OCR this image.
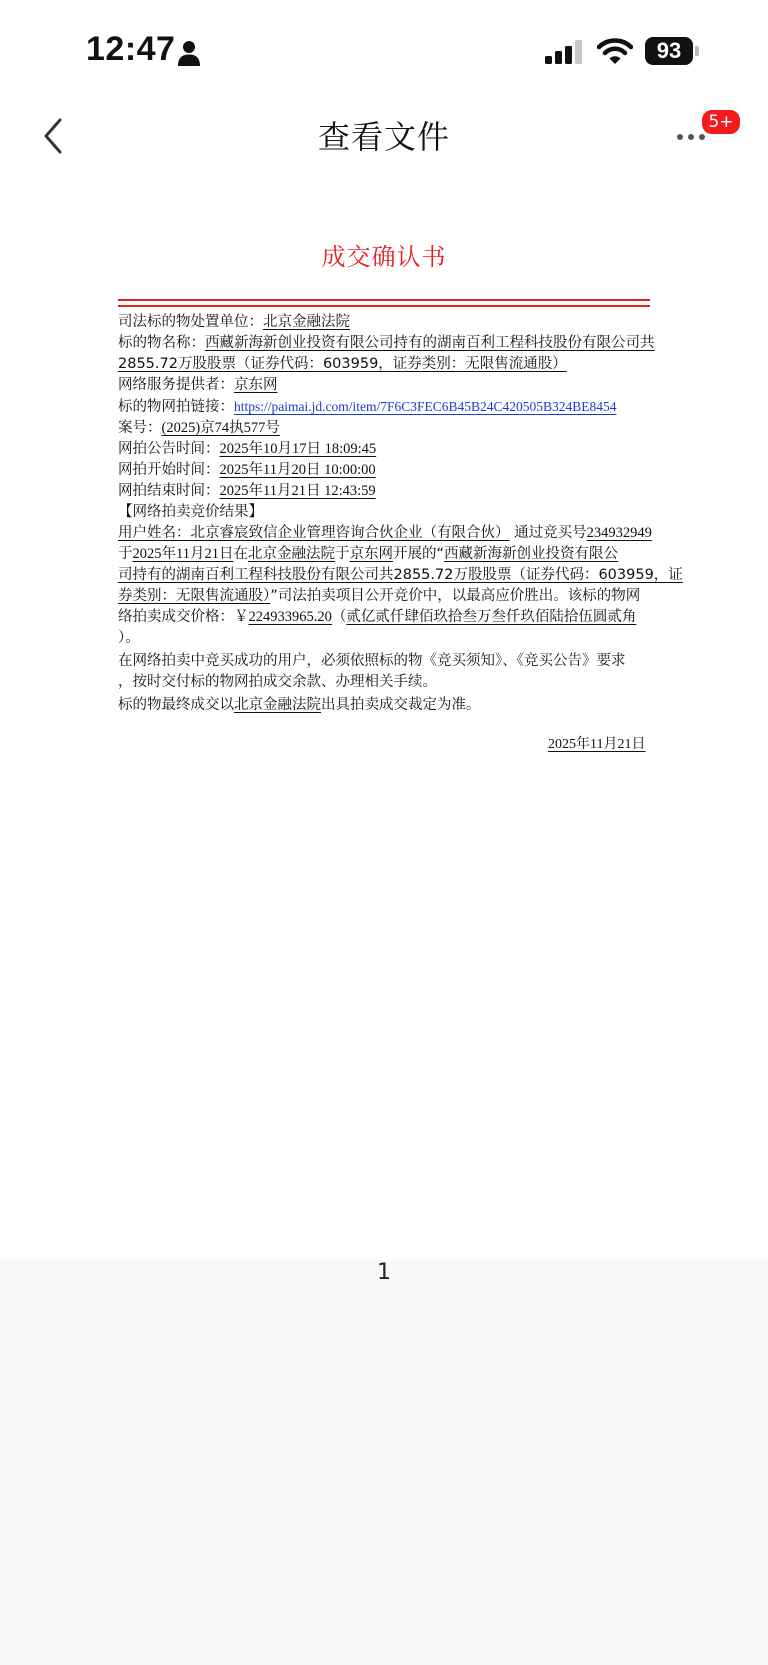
12:47	93
查看文件	5+
成交确认书
司法标的物处置单位：北京金融法院
标的物名称：西藏新海新创业投资有限公司持有的湖南百利工程科技股份有限公司共
2855.72万股股票（证券代码：603959，证券类别：无限售流通股）
网络服务提供者：京东网
标的物网拍链接：https://paimai.jd.com/item/7F6C3FEC6B45B24C420505B324BE8454
案号：(2025)京74执577号
网拍公告时间：2025年10月17日 18:09:45
网拍开始时间：2025年11月20日 10:00:00
网拍结束时间：2025年11月21日 12:43:59
【网络拍卖竞价结果】
用户姓名：北京睿宸致信企业管理咨询合伙企业（有限合伙） 通过竞买号234932949
于2025年11月21日在北京金融法院于京东网开展的“西藏新海新创业投资有限公
司持有的湖南百利工程科技股份有限公司共2855.72万股股票（证券代码：603959，证
券类别：无限售流通股）”司法拍卖项目公开竞价中，以最高应价胜出。该标的物网
络拍卖成交价格：￥224933965.20（贰亿贰仟肆佰玖拾叁万叁仟玖佰陆拾伍圆贰角
）。
在网络拍卖中竞买成功的用户，必须依照标的物《竞买须知》、《竞买公告》要求
，按时交付标的物网拍成交余款、办理相关手续。
标的物最终成交以北京金融法院出具拍卖成交裁定为准。
2025年11月21日
1
